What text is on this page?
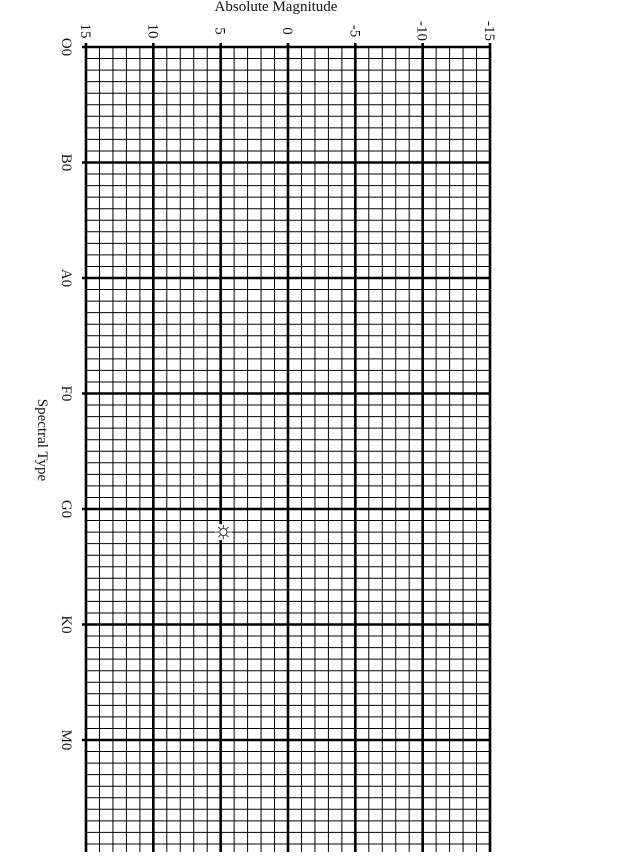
Absolute Magnitude
Spectral Type
15	10	5	0	-5	-10	-15
O0
B0
A0
F0
G0
K0
M0
